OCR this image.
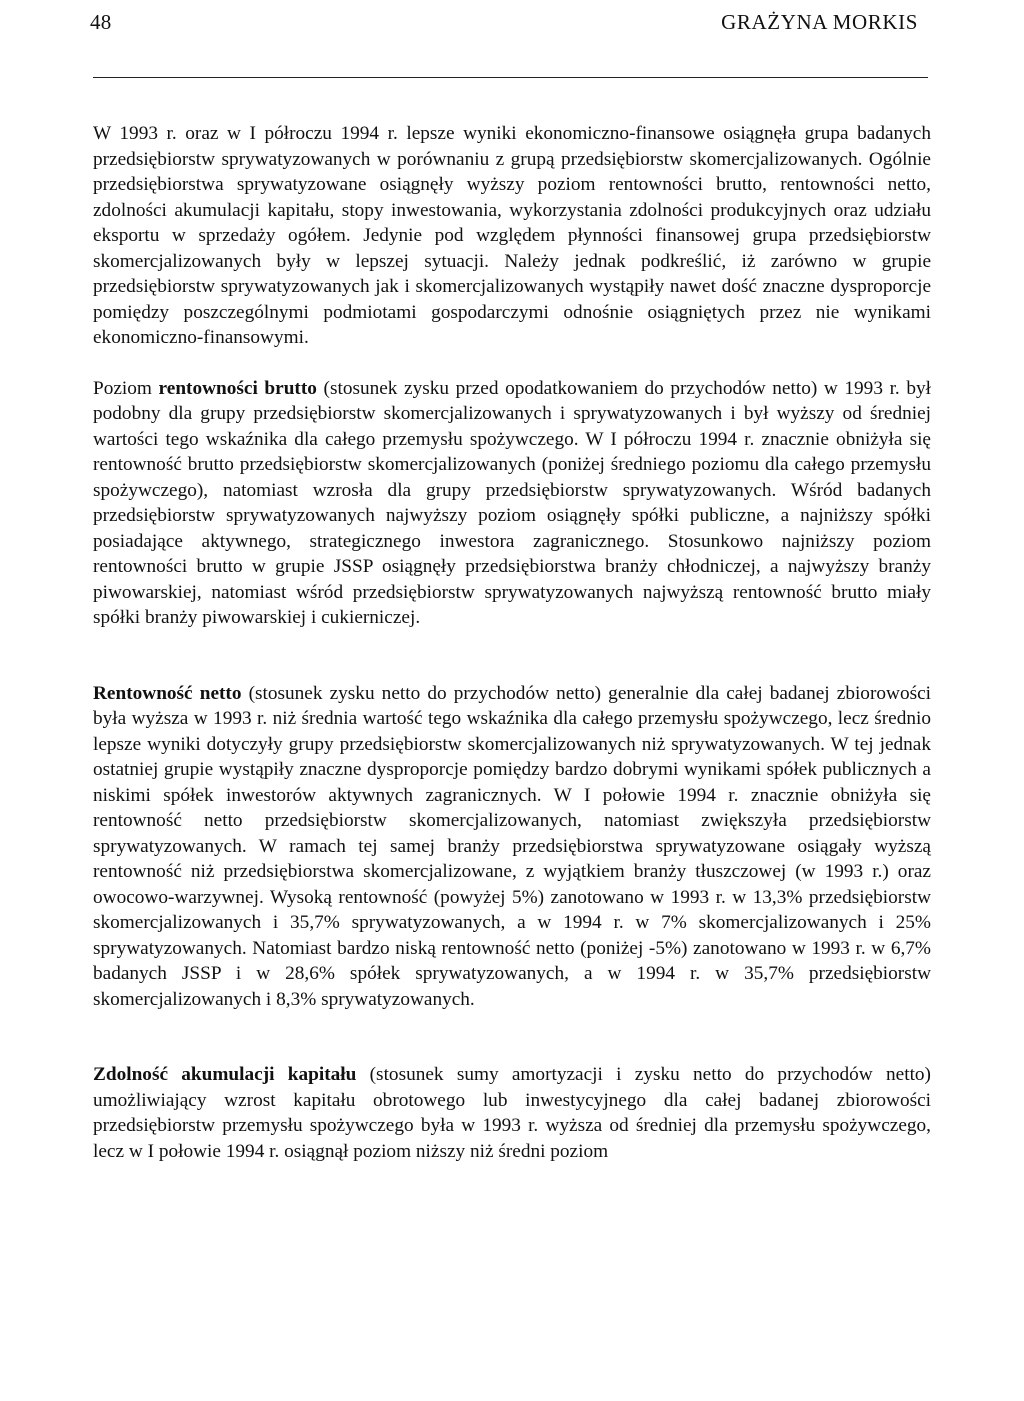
48	GRAŻYNA MORKIS

W 1993 r. oraz w I półroczu 1994 r. lepsze wyniki ekonomiczno-finansowe osiągnęła grupa badanych przedsiębiorstw sprywatyzowanych w porównaniu z grupą przedsiębiorstw skomercjalizowanych. Ogólnie przedsiębiorstwa sprywatyzowane osiągnęły wyższy poziom rentowności brutto, rentowności netto, zdolności akumulacji kapitału, stopy inwestowania, wykorzystania zdolności produkcyjnych oraz udziału eksportu w sprzedaży ogółem. Jedynie pod względem płynności finansowej grupa przedsiębiorstw skomercjalizowanych były w lepszej sytuacji. Należy jednak podkreślić, iż zarówno w grupie przedsiębiorstw sprywatyzowanych jak i skomercjalizowanych wystąpiły nawet dość znaczne dysproporcje pomiędzy poszczególnymi podmiotami gospodarczymi odnośnie osiągniętych przez nie wynikami ekonomiczno-finansowymi.

Poziom rentowności brutto (stosunek zysku przed opodatkowaniem do przychodów netto) w 1993 r. był podobny dla grupy przedsiębiorstw skomercjalizowanych i sprywatyzowanych i był wyższy od średniej wartości tego wskaźnika dla całego przemysłu spożywczego. W I półroczu 1994 r. znacznie obniżyła się rentowność brutto przedsiębiorstw skomercjalizowanych (poniżej średniego poziomu dla całego przemysłu spożywczego), natomiast wzrosła dla grupy przedsiębiorstw sprywatyzowanych. Wśród badanych przedsiębiorstw sprywatyzowanych najwyższy poziom osiągnęły spółki publiczne, a najniższy spółki posiadające aktywnego, strategicznego inwestora zagranicznego. Stosunkowo najniższy poziom rentowności brutto w grupie JSSP osiągnęły przedsiębiorstwa branży chłodniczej, a najwyższy branży piwowarskiej, natomiast wśród przedsiębiorstw sprywatyzowanych najwyższą rentowność brutto miały spółki branży piwowarskiej i cukierniczej.

Rentowność netto (stosunek zysku netto do przychodów netto) generalnie dla całej badanej zbiorowości była wyższa w 1993 r. niż średnia wartość tego wskaźnika dla całego przemysłu spożywczego, lecz średnio lepsze wyniki dotyczyły grupy przedsiębiorstw skomercjalizowanych niż sprywatyzowanych. W tej jednak ostatniej grupie wystąpiły znaczne dysproporcje pomiędzy bardzo dobrymi wynikami spółek publicznych a niskimi spółek inwestorów aktywnych zagranicznych. W I połowie 1994 r. znacznie obniżyła się rentowność netto przedsiębiorstw skomercjalizowanych, natomiast zwiększyła przedsiębiorstw sprywatyzowanych. W ramach tej samej branży przedsiębiorstwa sprywatyzowane osiągały wyższą rentowność niż przedsiębiorstwa skomercjalizowane, z wyjątkiem branży tłuszczowej (w 1993 r.) oraz owocowo-warzywnej. Wysoką rentowność (powyżej 5%) zanotowano w 1993 r. w 13,3% przedsiębiorstw skomercjalizowanych i 35,7% sprywatyzowanych, a w 1994 r. w 7% skomercjalizowanych i 25% sprywatyzowanych. Natomiast bardzo niską rentowność netto (poniżej -5%) zanotowano w 1993 r. w 6,7% badanych JSSP i w 28,6% spółek sprywatyzowanych, a w 1994 r. w 35,7% przedsiębiorstw skomercjalizowanych i 8,3% sprywatyzowanych.

Zdolność akumulacji kapitału (stosunek sumy amortyzacji i zysku netto do przychodów netto) umożliwiający wzrost kapitału obrotowego lub inwestycyjnego dla całej badanej zbiorowości przedsiębiorstw przemysłu spożywczego była w 1993 r. wyższa od średniej dla przemysłu spożywczego, lecz w I połowie 1994 r. osiągnął poziom niższy niż średni poziom
